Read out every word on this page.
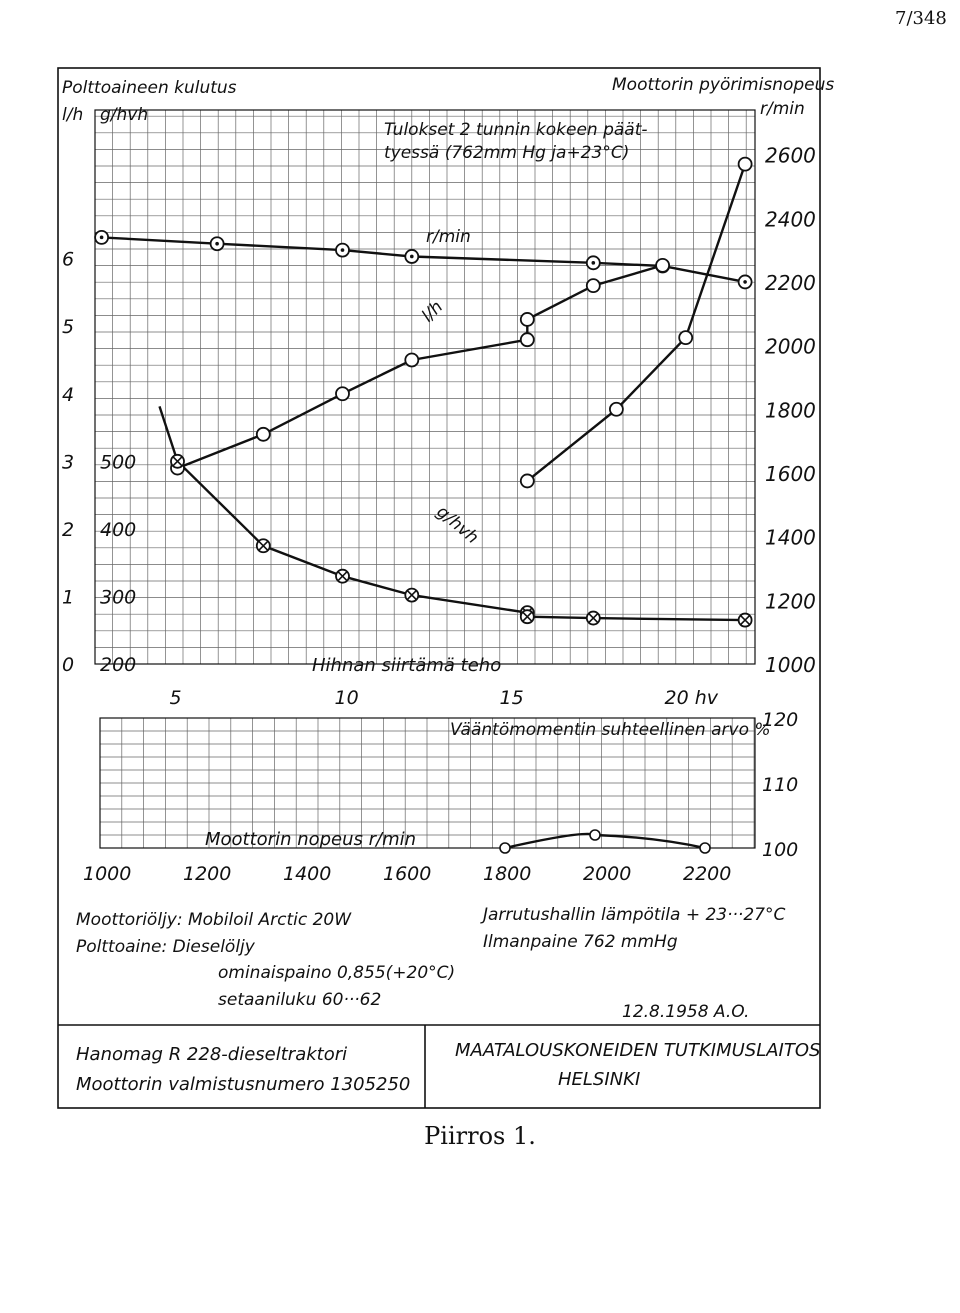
7/348
5	10	15	20 hv
0
1
2
3
4
5
6
200
300
400
500
1000
1200
1400
1600
1800
2000
2200
2400
2600
Polttoaineen kulutus
l/h g/hvh
Moottorin pyörimisnopeus
r/min
Tulokset 2 tunnin kokeen päät-
tyessä (762mm Hg ja+23°C)
Hihnan siirtämä teho
r/min
l/h
g/hvh
1000	1200	1400	1600	1800	2000	2200
100
110
120
Vääntömomentin suhteellinen arvo %
Moottorin nopeus r/min
Moottoriöljy: Mobiloil Arctic 20W
Polttoaine: Dieselöljy
ominaispaino 0,855(+20°C)
setaaniluku 60···62
Jarrutushallin lämpötila + 23···27°C
Ilmanpaine 762 mmHg
12.8.1958 A.O.
Hanomag R 228-dieseltraktori
Moottorin valmistusnumero 1305250
MAATALOUSKONEIDEN TUTKIMUSLAITOS
HELSINKI
Piirros 1.
